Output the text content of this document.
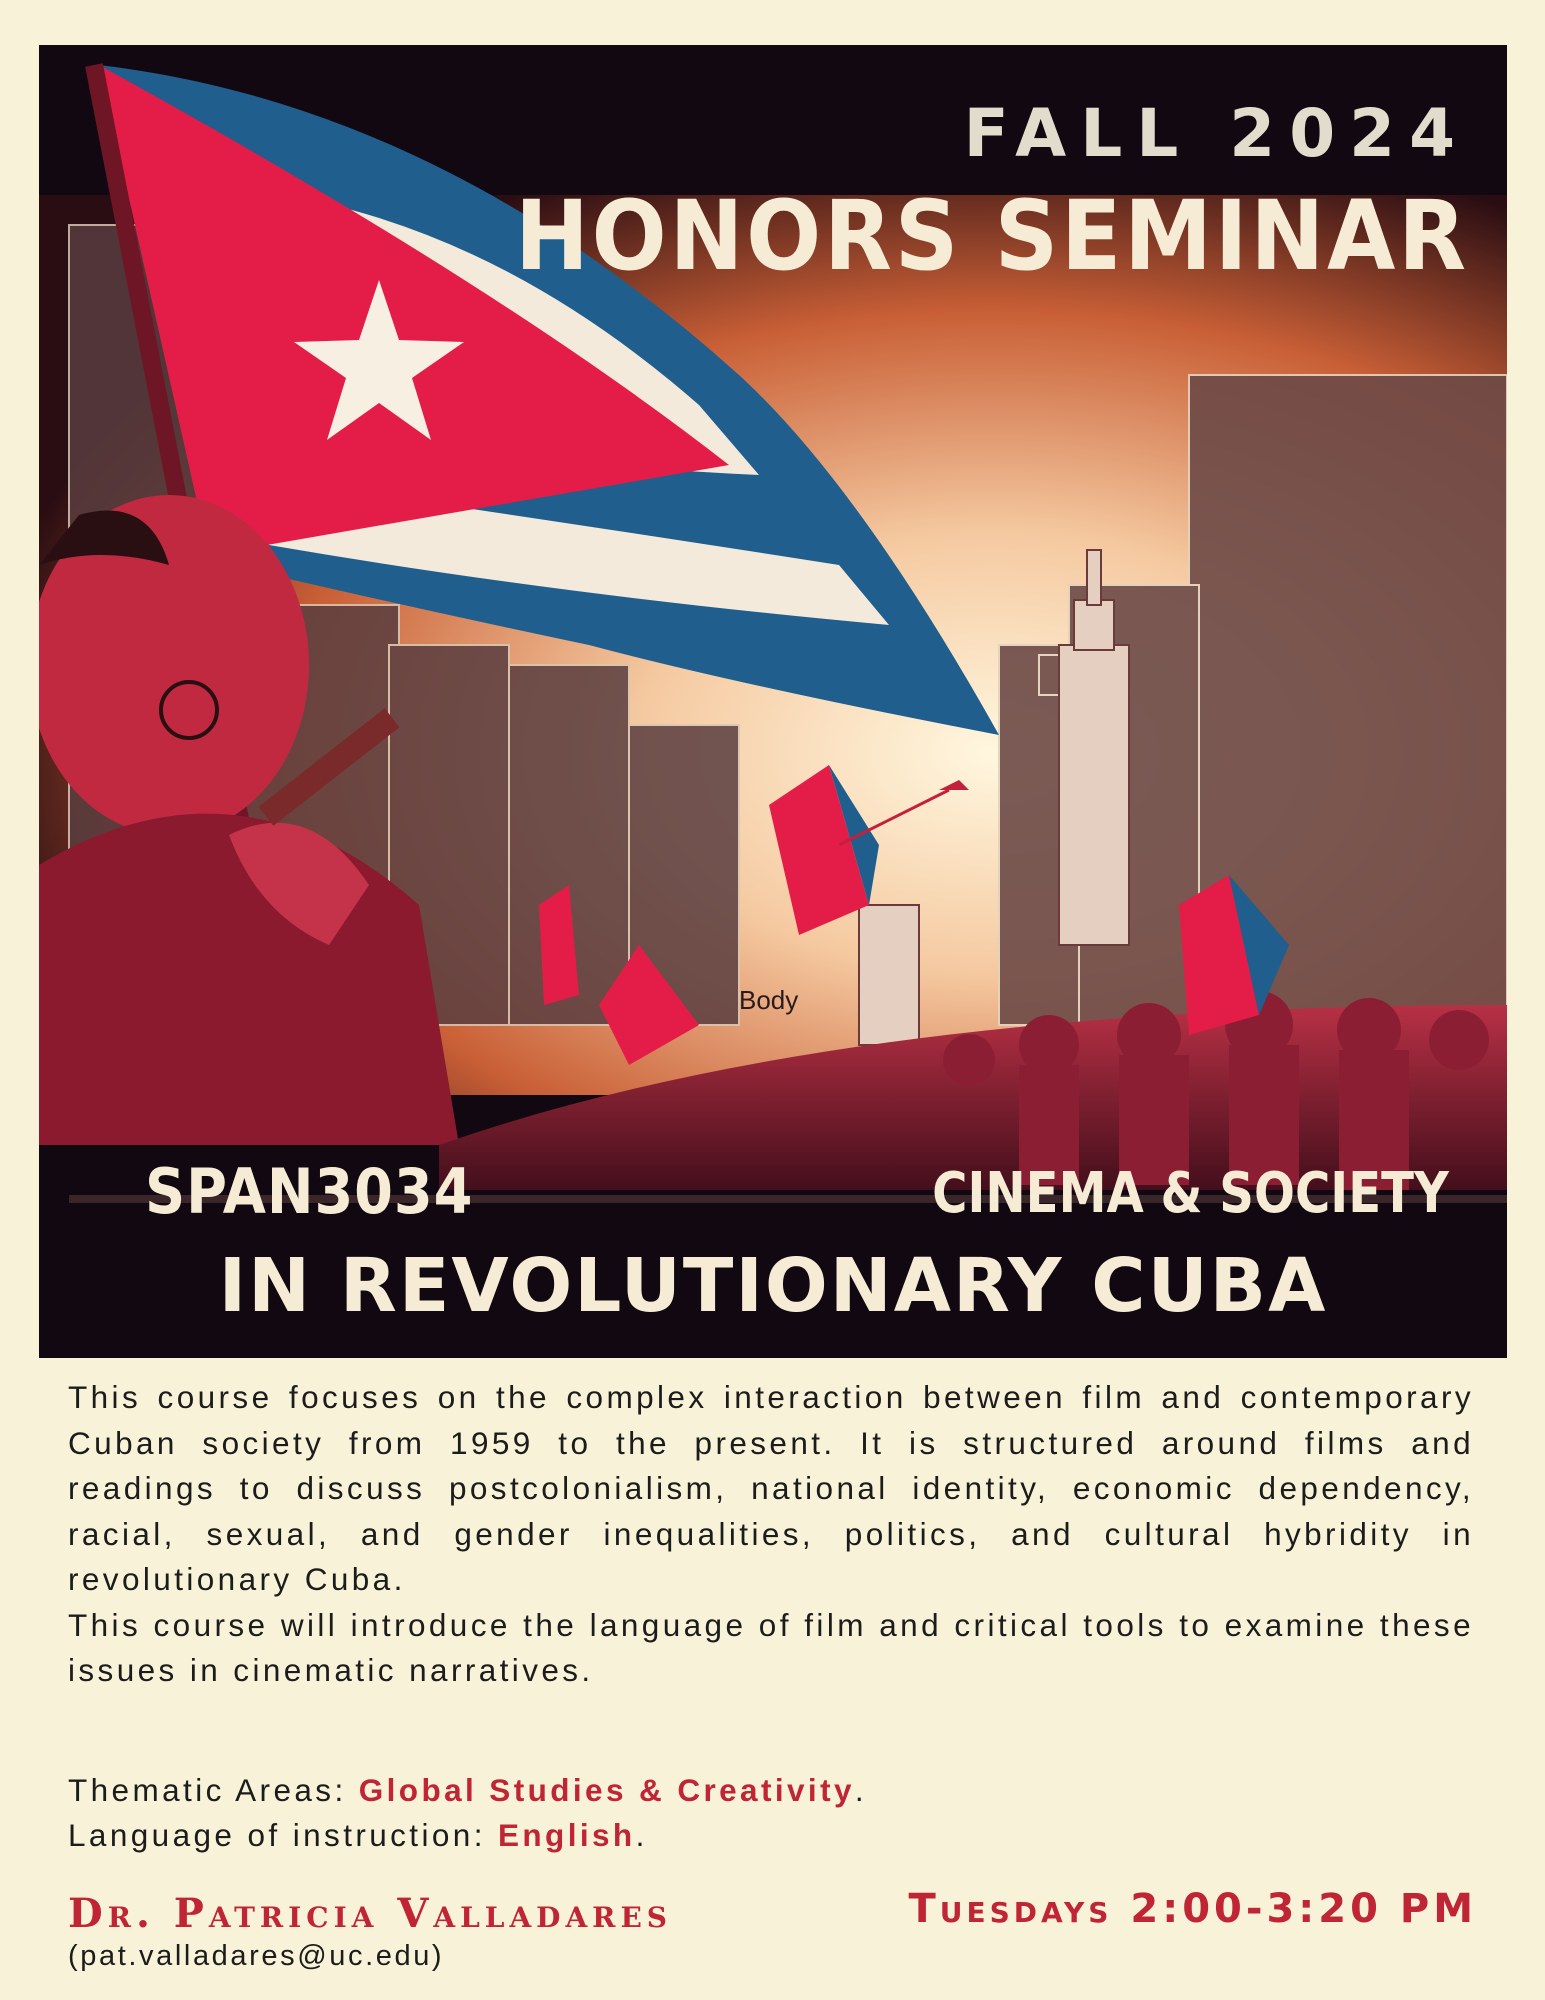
FALL 2024
HONORS SEMINAR
Body
SPAN3034	CINEMA & SOCIETY
IN REVOLUTIONARY CUBA

This course focuses on the complex interaction between film and contemporary Cuban society from 1959 to the present. It is structured around films and readings to discuss postcolonialism, national identity, economic dependency, racial, sexual, and gender inequalities, politics, and cultural hybridity in revolutionary Cuba.

This course will introduce the language of film and critical tools to examine these issues in cinematic narratives.

Thematic Areas: Global Studies & Creativity.
Language of instruction: English.
Dr. Patricia Valladares
(pat.valladares@uc.edu)
Tuesdays 2:00-3:20 PM
